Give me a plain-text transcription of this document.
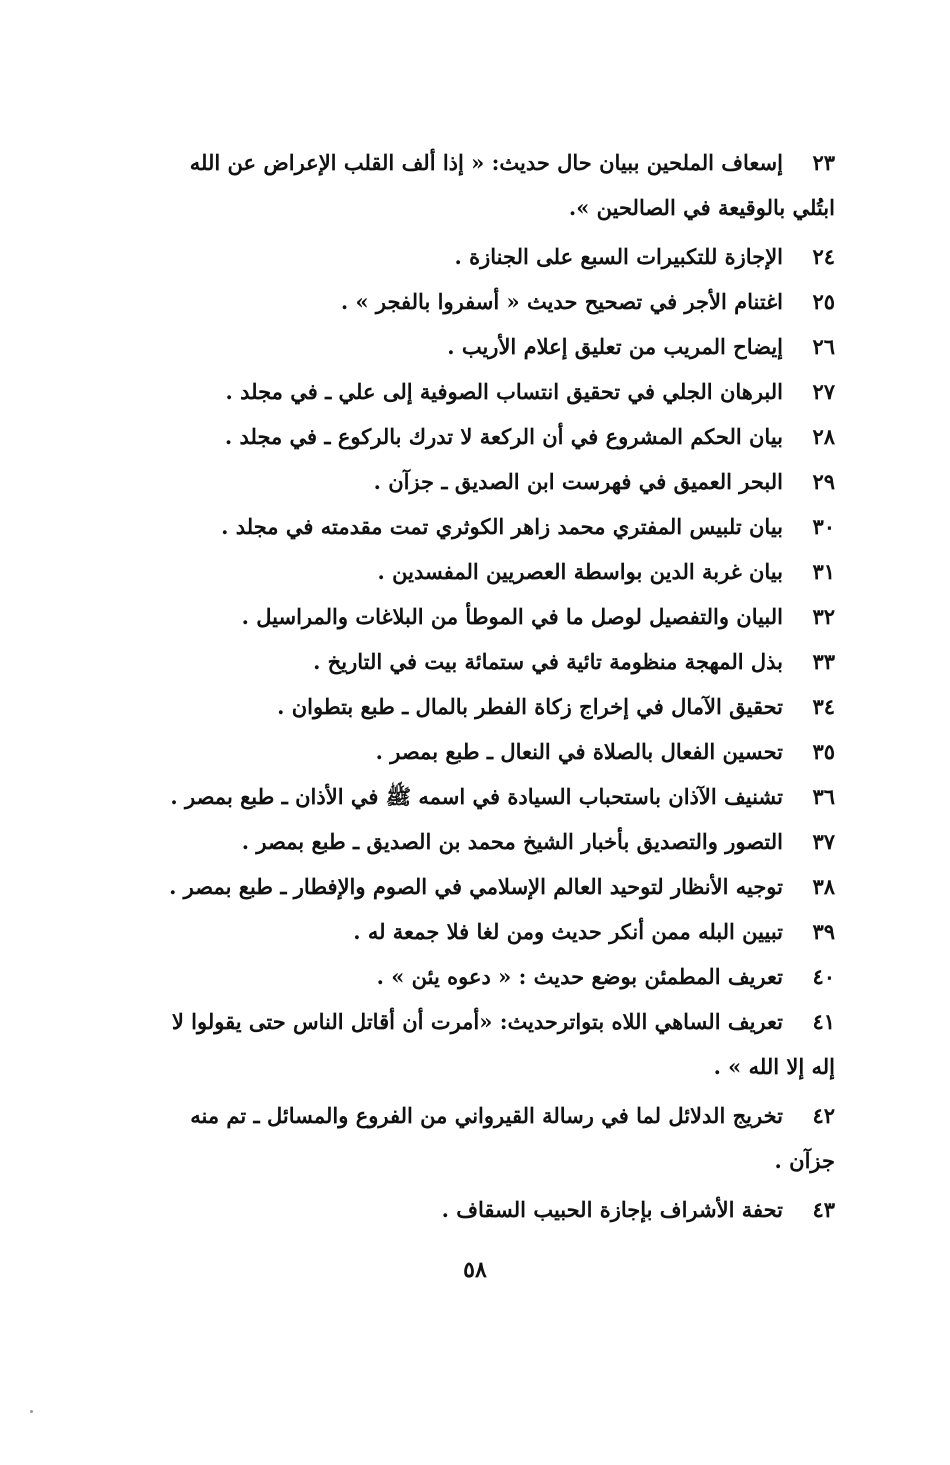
٢٣
إسعاف الملحين ببيان حال حديث: « إذا ألف القلب الإعراض عن الله
ابتُلي بالوقيعة في الصالحين ».
٢٤
الإجازة للتكبيرات السبع على الجنازة .
٢٥
اغتنام الأجر في تصحيح حديث « أسفروا بالفجر » .
٢٦
إيضاح المريب من تعليق إعلام الأريب .
٢٧
البرهان الجلي في تحقيق انتساب الصوفية إلى علي ـ في مجلد .
٢٨
بيان الحكم المشروع في أن الركعة لا تدرك بالركوع ـ في مجلد .
٢٩
البحر العميق في فهرست ابن الصديق ـ جزآن .
٣٠
بيان تلبيس المفتري محمد زاهر الكوثري تمت مقدمته في مجلد .
٣١
بيان غربة الدين بواسطة العصريين المفسدين .
٣٢
البيان والتفصيل لوصل ما في الموطأ من البلاغات والمراسيل .
٣٣
بذل المهجة منظومة تائية في ستمائة بيت في التاريخ .
٣٤
تحقيق الآمال في إخراج زكاة الفطر بالمال ـ طبع بتطوان .
٣٥
تحسين الفعال بالصلاة في النعال ـ طبع بمصر .
٣٦
تشنيف الآذان باستحباب السيادة في اسمه ﷺ في الأذان ـ طبع بمصر .
٣٧
التصور والتصديق بأخبار الشيخ محمد بن الصديق ـ طبع بمصر .
٣٨
توجيه الأنظار لتوحيد العالم الإسلامي في الصوم والإفطار ـ طبع بمصر .
٣٩
تبيين البله ممن أنكر حديث ومن لغا فلا جمعة له .
٤٠
تعريف المطمئن بوضع حديث : « دعوه يئن » .
٤١
تعريف الساهي اللاه بتواترحديث: «أمرت أن أقاتل الناس حتى يقولوا لا
إله إلا الله » .
٤٢
تخريج الدلائل لما في رسالة القيرواني من الفروع والمسائل ـ تم منه
جزآن .
٤٣
تحفة الأشراف بإجازة الحبيب السقاف .
٥٨
